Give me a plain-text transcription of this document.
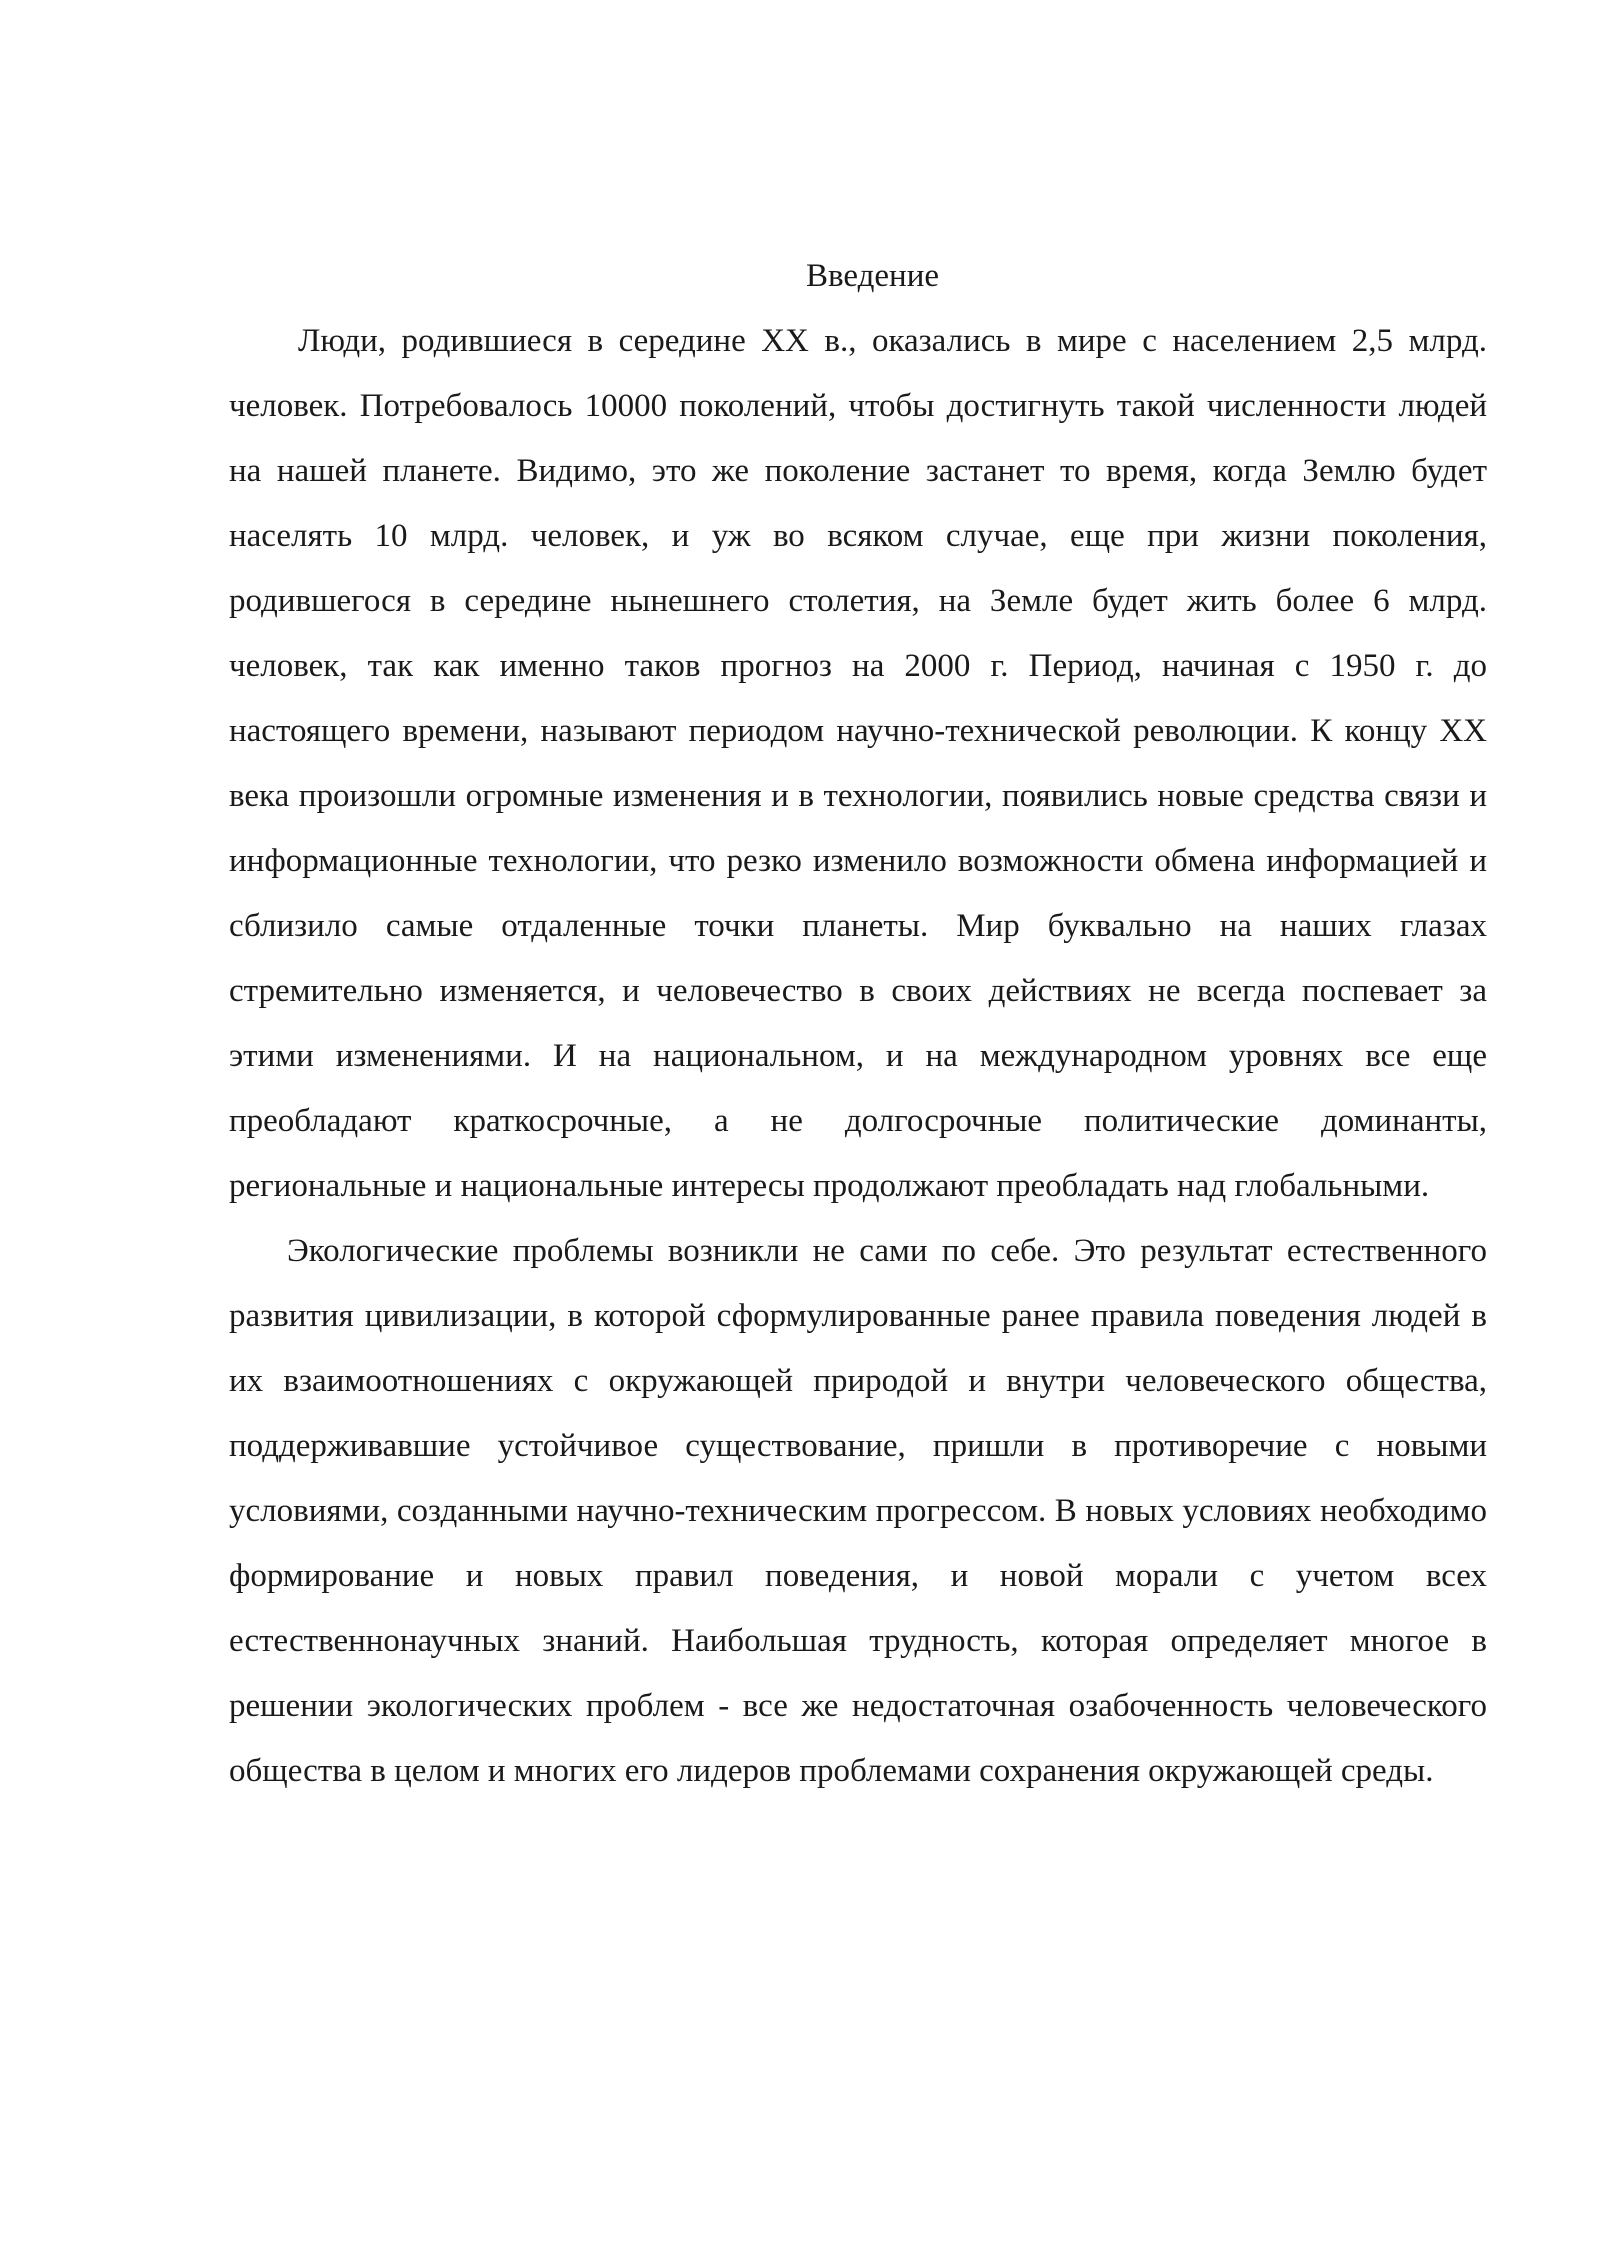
Введение

Люди, родившиеся в середине XX в., оказались в мире с населением 2,5 млрд. человек. Потребовалось 10000 поколений, чтобы достигнуть такой численности людей на нашей планете. Видимо, это же поколение застанет то время, когда Землю будет населять 10 млрд. человек, и уж во всяком случае, еще при жизни поколения, родившегося в середине нынешнего столетия, на Земле будет жить более 6 млрд. человек, так как именно таков прогноз на 2000 г. Период, начиная с 1950 г. до настоящего времени, называют периодом научно-технической революции. К концу XX века произошли огромные изменения и в технологии, появились новые средства связи и информационные технологии, что резко изменило возможности обмена информацией и сблизило самые отдаленные точки планеты. Мир буквально на наших глазах стремительно изменяется, и человечество в своих действиях не всегда поспевает за этими изменениями. И на национальном, и на международном уровнях все еще преобладают краткосрочные, а не долгосрочные политические доминанты, региональные и национальные интересы продолжают преобладать над глобальными.

Экологические проблемы возникли не сами по себе. Это результат естественного развития цивилизации, в которой сформулированные ранее правила поведения людей в их взаимоотношениях с окружающей природой и внутри человеческого общества, поддерживавшие устойчивое существование, пришли в противоречие с новыми условиями, созданными научно-техническим прогрессом. В новых условиях необходимо формирование и новых правил поведения, и новой морали с учетом всех естественнонаучных знаний. Наибольшая трудность, которая определяет многое в решении экологических проблем - все же недостаточная озабоченность человеческого общества в целом и многих его лидеров проблемами сохранения окружающей среды.
